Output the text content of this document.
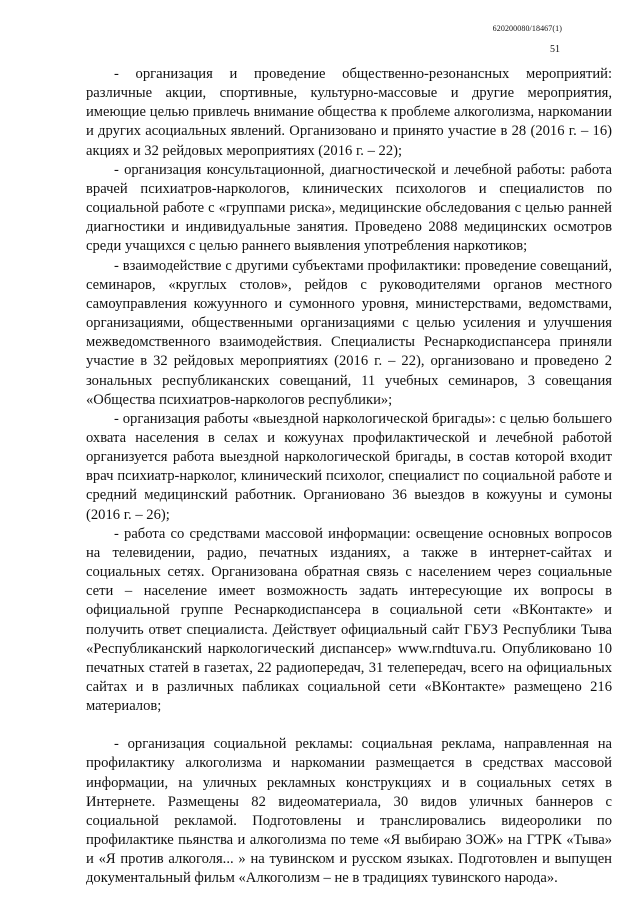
620200080/18467(1)
51

- организация и проведение общественно-резонансных мероприятий: различные акции, спортивные, культурно-массовые и другие мероприятия, имеющие целью привлечь внимание общества к проблеме алкоголизма, наркомании и других асоциальных явлений. Организовано и принято участие в 28 (2016 г. – 16) акциях и 32 рейдовых мероприятиях (2016 г. – 22);

- организация консультационной, диагностической и лечебной работы: работа врачей психиатров-наркологов, клинических психологов и специалистов по социальной работе с «группами риска», медицинские обследования с целью ранней диагностики и индивидуальные занятия. Проведено 2088 медицинских осмотров среди учащихся с целью раннего выявления употребления наркотиков;

- взаимодействие с другими субъектами профилактики: проведение совещаний, семинаров, «круглых столов», рейдов с руководителями органов местного самоуправления кожуунного и сумонного уровня, министерствами, ведомствами, организациями, общественными организациями с целью усиления и улучшения межведомственного взаимодействия. Специалисты Реснаркодиспансера приняли участие в 32 рейдовых мероприятиях (2016 г. – 22), организовано и проведено 2 зональных республиканских совещаний, 11 учебных семинаров, 3 совещания «Общества психиатров-наркологов республики»;

- организация работы «выездной наркологической бригады»: с целью большего охвата населения в селах и кожуунах профилактической и лечебной работой организуется работа выездной наркологической бригады, в состав которой входит врач психиатр-нарколог, клинический психолог, специалист по социальной работе и средний медицинский работник. Органиовано 36 выездов в кожууны и сумоны (2016 г. – 26);

- работа со средствами массовой информации: освещение основных вопросов на телевидении, радио, печатных изданиях, а также в интернет-сайтах и социальных сетях. Организована обратная связь с населением через социальные сети – население имеет возможность задать интересующие их вопросы в официальной группе Реснаркодиспансера в социальной сети «ВКонтакте» и получить ответ специалиста. Действует официальный сайт ГБУЗ Республики Тыва «Республиканский наркологический диспансер» www.rndtuva.ru. Опубликовано 10 печатных статей в газетах, 22 радиопередач, 31 телепередач, всего на официальных сайтах и в различных пабликах социальной сети «ВКонтакте» размещено 216 материалов;

- организация социальной рекламы: социальная реклама, направленная на профилактику алкоголизма и наркомании размещается в средствах массовой информации, на уличных рекламных конструкциях и в социальных сетях в Интернете. Размещены 82 видеоматериала, 30 видов уличных баннеров с социальной рекламой. Подготовлены и транслировались видеоролики по профилактике пьянства и алкоголизма по теме «Я выбираю ЗОЖ» на ГТРК «Тыва» и «Я против алкоголя... » на тувинском и русском языках. Подготовлен и выпущен документальный фильм «Алкоголизм – не в традициях тувинского народа».
